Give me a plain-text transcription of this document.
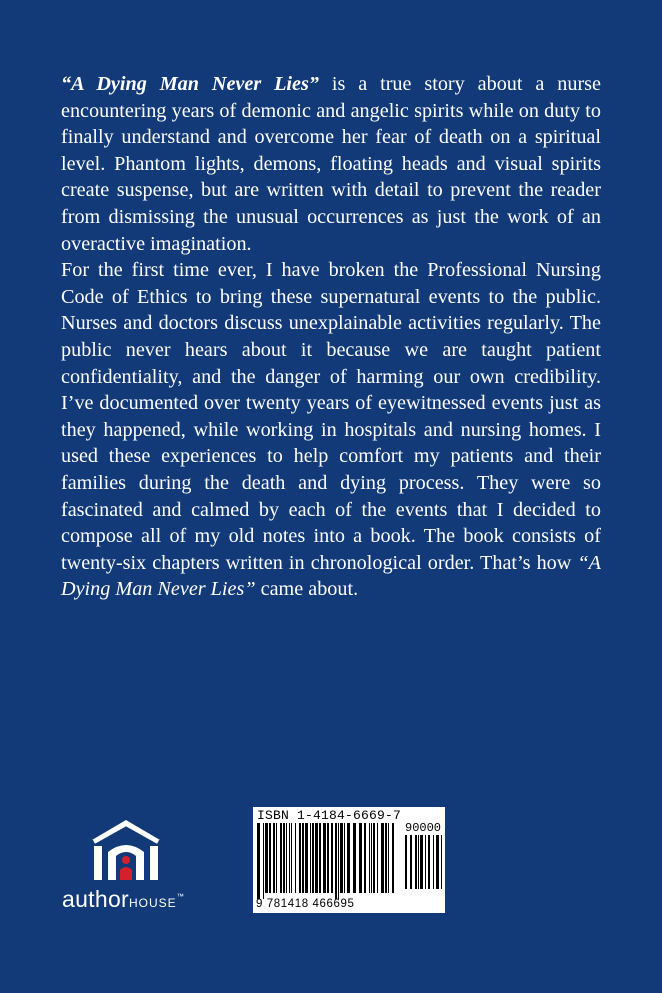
“A Dying Man Never Lies” is a true story about a nurse encountering years of demonic and angelic spirits while on duty to finally understand and overcome her fear of death on a spiritual level. Phantom lights, demons, floating heads and visual spirits create suspense, but are written with detail to prevent the reader from dismissing the unusual occurrences as just the work of an overactive imagination.

For the first time ever, I have broken the Professional Nursing Code of Ethics to bring these supernatural events to the public. Nurses and doctors discuss unexplainable activities regularly. The public never hears about it because we are taught patient confidentiality, and the danger of harming our own credibility. I’ve documented over twenty years of eyewitnessed events just as they happened, while working in hospitals and nursing homes. I used these experiences to help comfort my patients and their families during the death and dying process. They were so fascinated and calmed by each of the events that I decided to compose all of my old notes into a book. The book consists of twenty-six chapters written in chronological order. That’s how “A Dying Man Never Lies” came about.

authorHOUSE™
ISBN 1-4184-6669-7
90000
9 781418 466695
